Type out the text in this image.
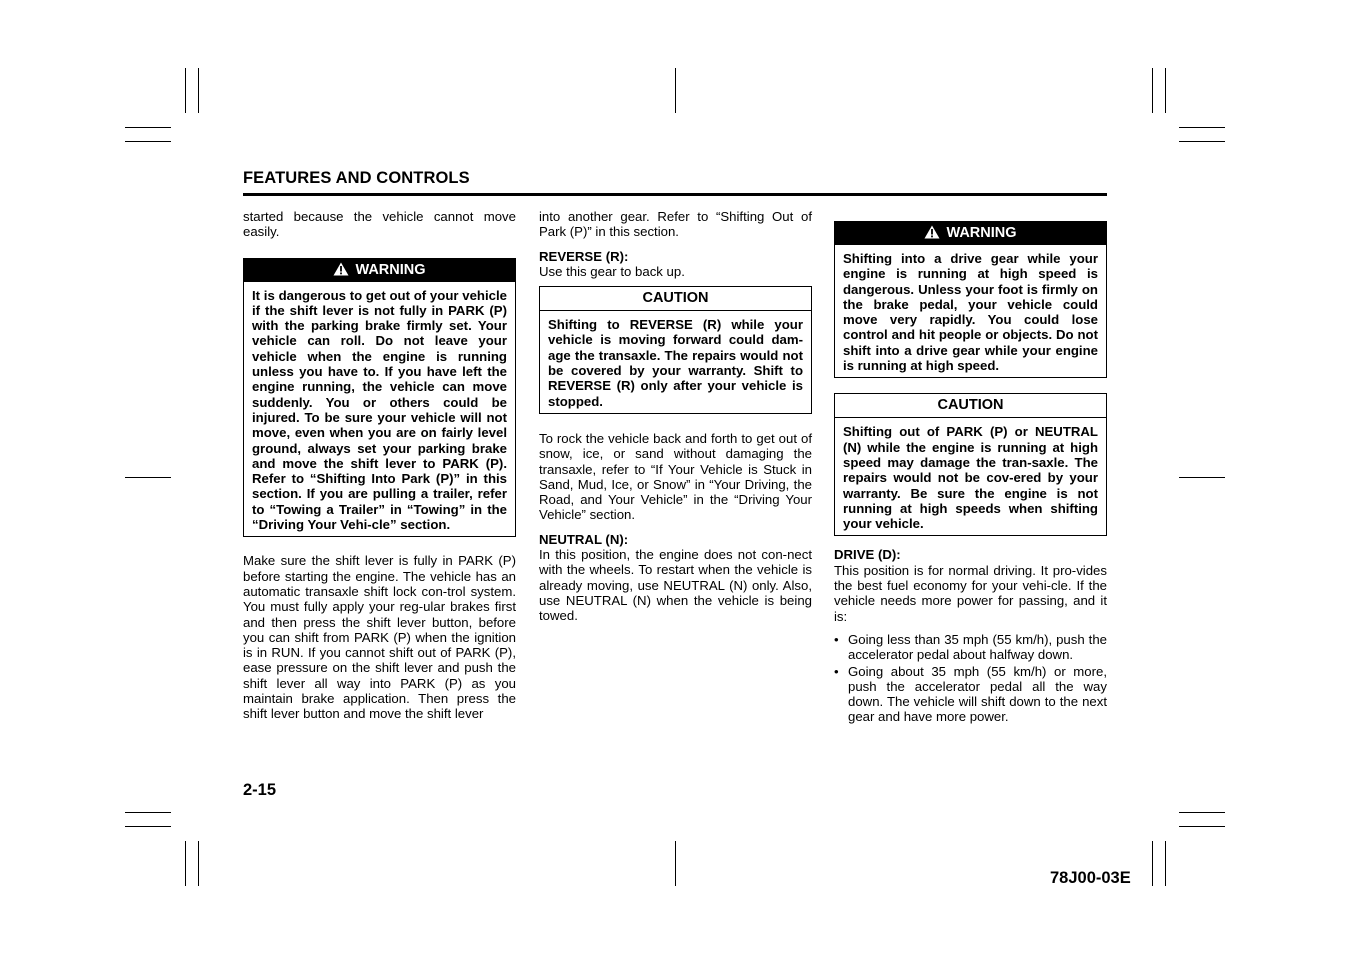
FEATURES AND CONTROLS

started because the vehicle cannot move easily.

WARNING
It is dangerous to get out of your vehicle if the shift lever is not fully in PARK (P) with the parking brake firmly set. Your vehicle can roll. Do not leave your vehicle when the engine is running unless you have to. If you have left the engine running, the vehicle can move suddenly. You or others could be injured. To be sure your vehicle will not move, even when you are on fairly level ground, always set your parking brake and move the shift lever to PARK (P). Refer to “Shifting Into Park (P)” in this section. If you are pulling a trailer, refer to “Towing a Trailer” in “Towing” in the “Driving Your Vehi-cle” section.

Make sure the shift lever is fully in PARK (P) before starting the engine. The vehicle has an automatic transaxle shift lock con-trol system. You must fully apply your reg-ular brakes first and then press the shift lever button, before you can shift from PARK (P) when the ignition is in RUN. If you cannot shift out of PARK (P), ease pressure on the shift lever and push the shift lever all way into PARK (P) as you maintain brake application. Then press the shift lever button and move the shift lever

into another gear. Refer to “Shifting Out of Park (P)” in this section.

REVERSE (R):

Use this gear to back up.

CAUTION
Shifting to REVERSE (R) while your vehicle is moving forward could dam-age the transaxle. The repairs would not be covered by your warranty. Shift to REVERSE (R) only after your vehicle is stopped.

To rock the vehicle back and forth to get out of snow, ice, or sand without damaging the transaxle, refer to “If Your Vehicle is Stuck in Sand, Mud, Ice, or Snow” in “Your Driving, the Road, and Your Vehicle” in the “Driving Your Vehicle” section.

NEUTRAL (N):

In this position, the engine does not con-nect with the wheels. To restart when the vehicle is already moving, use NEUTRAL (N) only. Also, use NEUTRAL (N) when the vehicle is being towed.

WARNING
Shifting into a drive gear while your engine is running at high speed is dangerous. Unless your foot is firmly on the brake pedal, your vehicle could move very rapidly. You could lose control and hit people or objects. Do not shift into a drive gear while your engine is running at high speed.
CAUTION
Shifting out of PARK (P) or NEUTRAL (N) while the engine is running at high speed may damage the tran-saxle. The repairs would not be cov-ered by your warranty. Be sure the engine is not running at high speeds when shifting your vehicle.

DRIVE (D):

This position is for normal driving. It pro-vides the best fuel economy for your vehi-cle. If the vehicle needs more power for passing, and it is:

• Going less than 35 mph (55 km/h), push the accelerator pedal about halfway down.
• Going about 35 mph (55 km/h) or more, push the accelerator pedal all the way down. The vehicle will shift down to the next gear and have more power.
2-15
78J00-03E
